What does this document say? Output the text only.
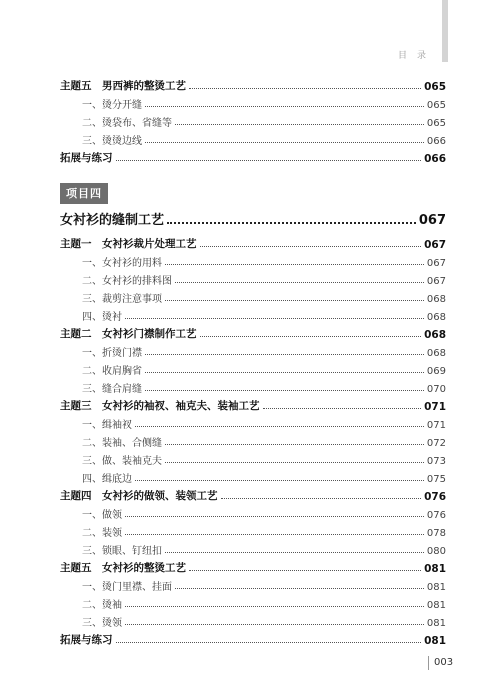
目录
主题五　男西裤的整烫工艺	065
一、烫分开缝	065
二、烫袋布、省缝等	065
三、烫烫边线	066
拓展与练习	066
项目四
女衬衫的缝制工艺	067
主题一　女衬衫裁片处理工艺	067
一、女衬衫的用料	067
二、女衬衫的排料图	067
三、裁剪注意事项	068
四、烫衬	068
主题二　女衬衫门襟制作工艺	068
一、折烫门襟	068
二、收肩胸省	069
三、缝合肩缝	070
主题三　女衬衫的袖衩、袖克夫、装袖工艺	071
一、缉袖衩	071
二、装袖、合侧缝	072
三、做、装袖克夫	073
四、缉底边	075
主题四　女衬衫的做领、装领工艺	076
一、做领	076
二、装领	078
三、锁眼、钉纽扣	080
主题五　女衬衫的整烫工艺	081
一、烫门里襟、挂面	081
二、烫袖	081
三、烫领	081
拓展与练习	081
003
